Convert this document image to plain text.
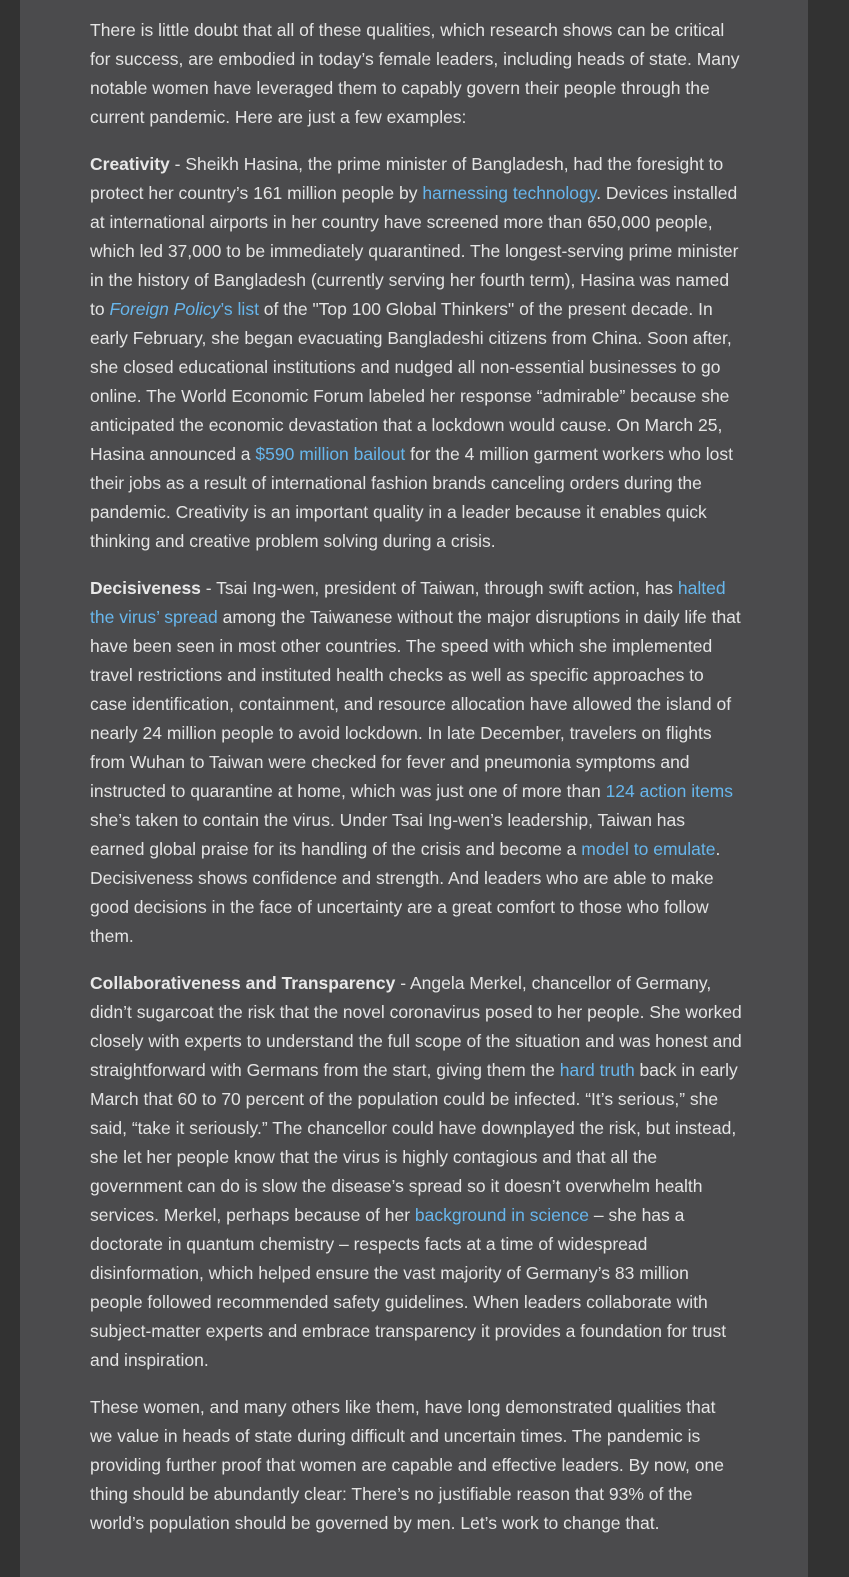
There is little doubt that all of these qualities, which research shows can be critical for success, are embodied in today’s female leaders, including heads of state. Many notable women have leveraged them to capably govern their people through the current pandemic. Here are just a few examples:

Creativity - Sheikh Hasina, the prime minister of Bangladesh, had the foresight to protect her country’s 161 million people by harnessing technology. Devices installed at international airports in her country have screened more than 650,000 people, which led 37,000 to be immediately quarantined. The longest-serving prime minister in the history of Bangladesh (currently serving her fourth term), Hasina was named to Foreign Policy’s list of the "Top 100 Global Thinkers" of the present decade. In early February, she began evacuating Bangladeshi citizens from China. Soon after, she closed educational institutions and nudged all non-essential businesses to go online. The World Economic Forum labeled her response “admirable” because she anticipated the economic devastation that a lockdown would cause. On March 25, Hasina announced a $590 million bailout for the 4 million garment workers who lost their jobs as a result of international fashion brands canceling orders during the pandemic. Creativity is an important quality in a leader because it enables quick thinking and creative problem solving during a crisis.

Decisiveness - Tsai Ing-wen, president of Taiwan, through swift action, has halted the virus’ spread among the Taiwanese without the major disruptions in daily life that have been seen in most other countries. The speed with which she implemented travel restrictions and instituted health checks as well as specific approaches to case identification, containment, and resource allocation have allowed the island of nearly 24 million people to avoid lockdown. In late December, travelers on flights from Wuhan to Taiwan were checked for fever and pneumonia symptoms and instructed to quarantine at home, which was just one of more than 124 action items she’s taken to contain the virus. Under Tsai Ing-wen’s leadership, Taiwan has earned global praise for its handling of the crisis and become a model to emulate. Decisiveness shows confidence and strength. And leaders who are able to make good decisions in the face of uncertainty are a great comfort to those who follow them.

Collaborativeness and Transparency - Angela Merkel, chancellor of Germany, didn’t sugarcoat the risk that the novel coronavirus posed to her people. She worked closely with experts to understand the full scope of the situation and was honest and straightforward with Germans from the start, giving them the hard truth back in early March that 60 to 70 percent of the population could be infected. “It’s serious,” she said, “take it seriously.” The chancellor could have downplayed the risk, but instead, she let her people know that the virus is highly contagious and that all the government can do is slow the disease’s spread so it doesn’t overwhelm health services. Merkel, perhaps because of her background in science – she has a doctorate in quantum chemistry – respects facts at a time of widespread disinformation, which helped ensure the vast majority of Germany’s 83 million people followed recommended safety guidelines. When leaders collaborate with subject-matter experts and embrace transparency it provides a foundation for trust and inspiration.

These women, and many others like them, have long demonstrated qualities that we value in heads of state during difficult and uncertain times. The pandemic is providing further proof that women are capable and effective leaders. By now, one thing should be abundantly clear: There’s no justifiable reason that 93% of the world’s population should be governed by men. Let’s work to change that.
